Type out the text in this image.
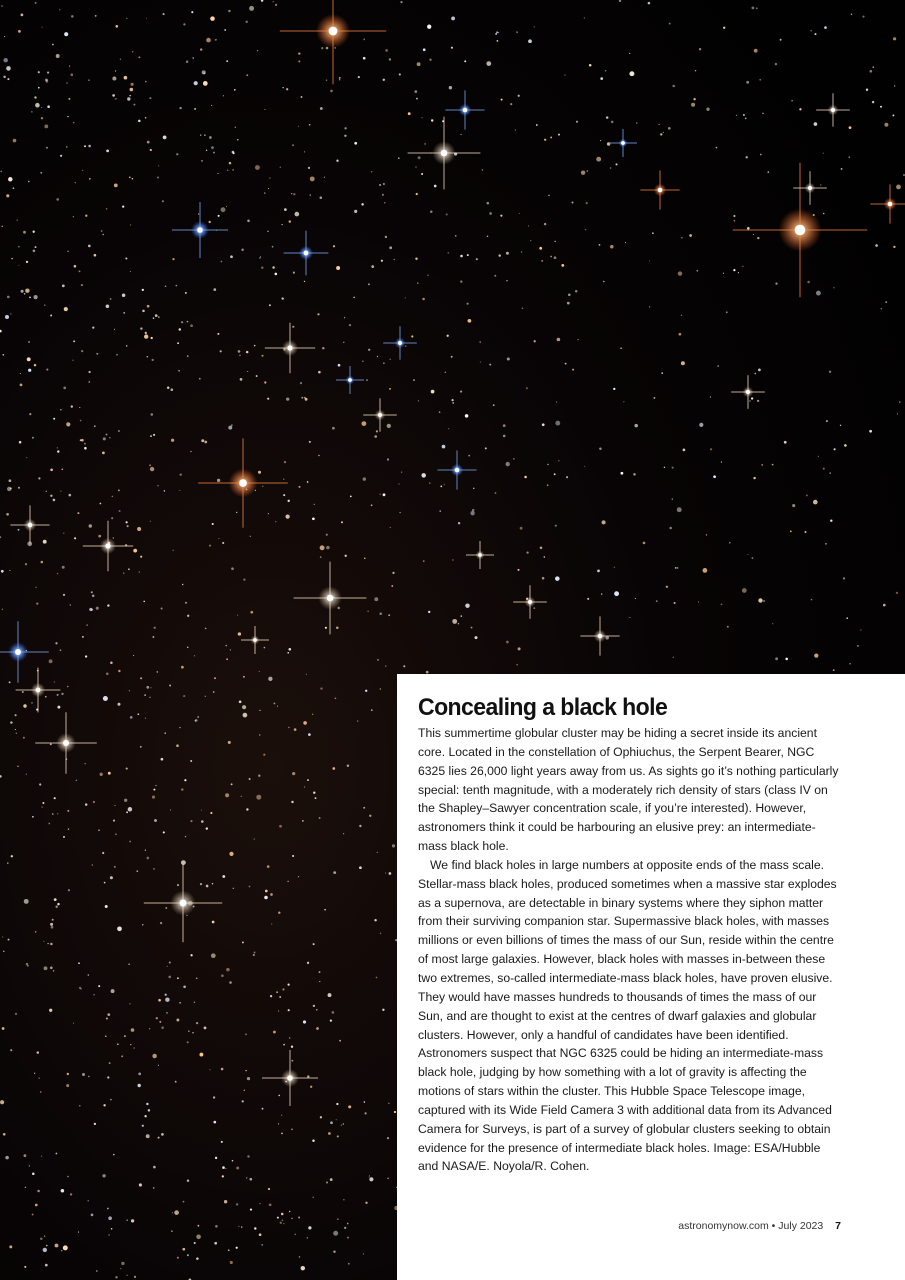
Concealing a black hole

This summertime globular cluster may be hiding a secret inside its ancient core. Located in the constellation of Ophiuchus, the Serpent Bearer, NGC 6325 lies 26,000 light years away from us. As sights go it’s nothing particularly special: tenth magnitude, with a moderately rich density of stars (class IV on the Shapley–Sawyer concentration scale, if you’re interested). However, astronomers think it could be harbouring an elusive prey: an intermediate-mass black hole.

We find black holes in large numbers at opposite ends of the mass scale. Stellar-mass black holes, produced sometimes when a massive star explodes as a supernova, are detectable in binary systems where they siphon matter from their surviving companion star. Supermassive black holes, with masses millions or even billions of times the mass of our Sun, reside within the centre of most large galaxies. However, black holes with masses in-between these two extremes, so-called intermediate-mass black holes, have proven elusive. They would have masses hundreds to thousands of times the mass of our Sun, and are thought to exist at the centres of dwarf galaxies and globular clusters. However, only a handful of candidates have been identified. Astronomers suspect that NGC 6325 could be hiding an intermediate-mass black hole, judging by how something with a lot of gravity is affecting the motions of stars within the cluster. This Hubble Space Telescope image, captured with its Wide Field Camera 3 with additional data from its Advanced Camera for Surveys, is part of a survey of globular clusters seeking to obtain evidence for the presence of intermediate black holes. Image: ESA/Hubble and NASA/E. Noyola/R. Cohen.

astronomynow.com • July 2023 7
